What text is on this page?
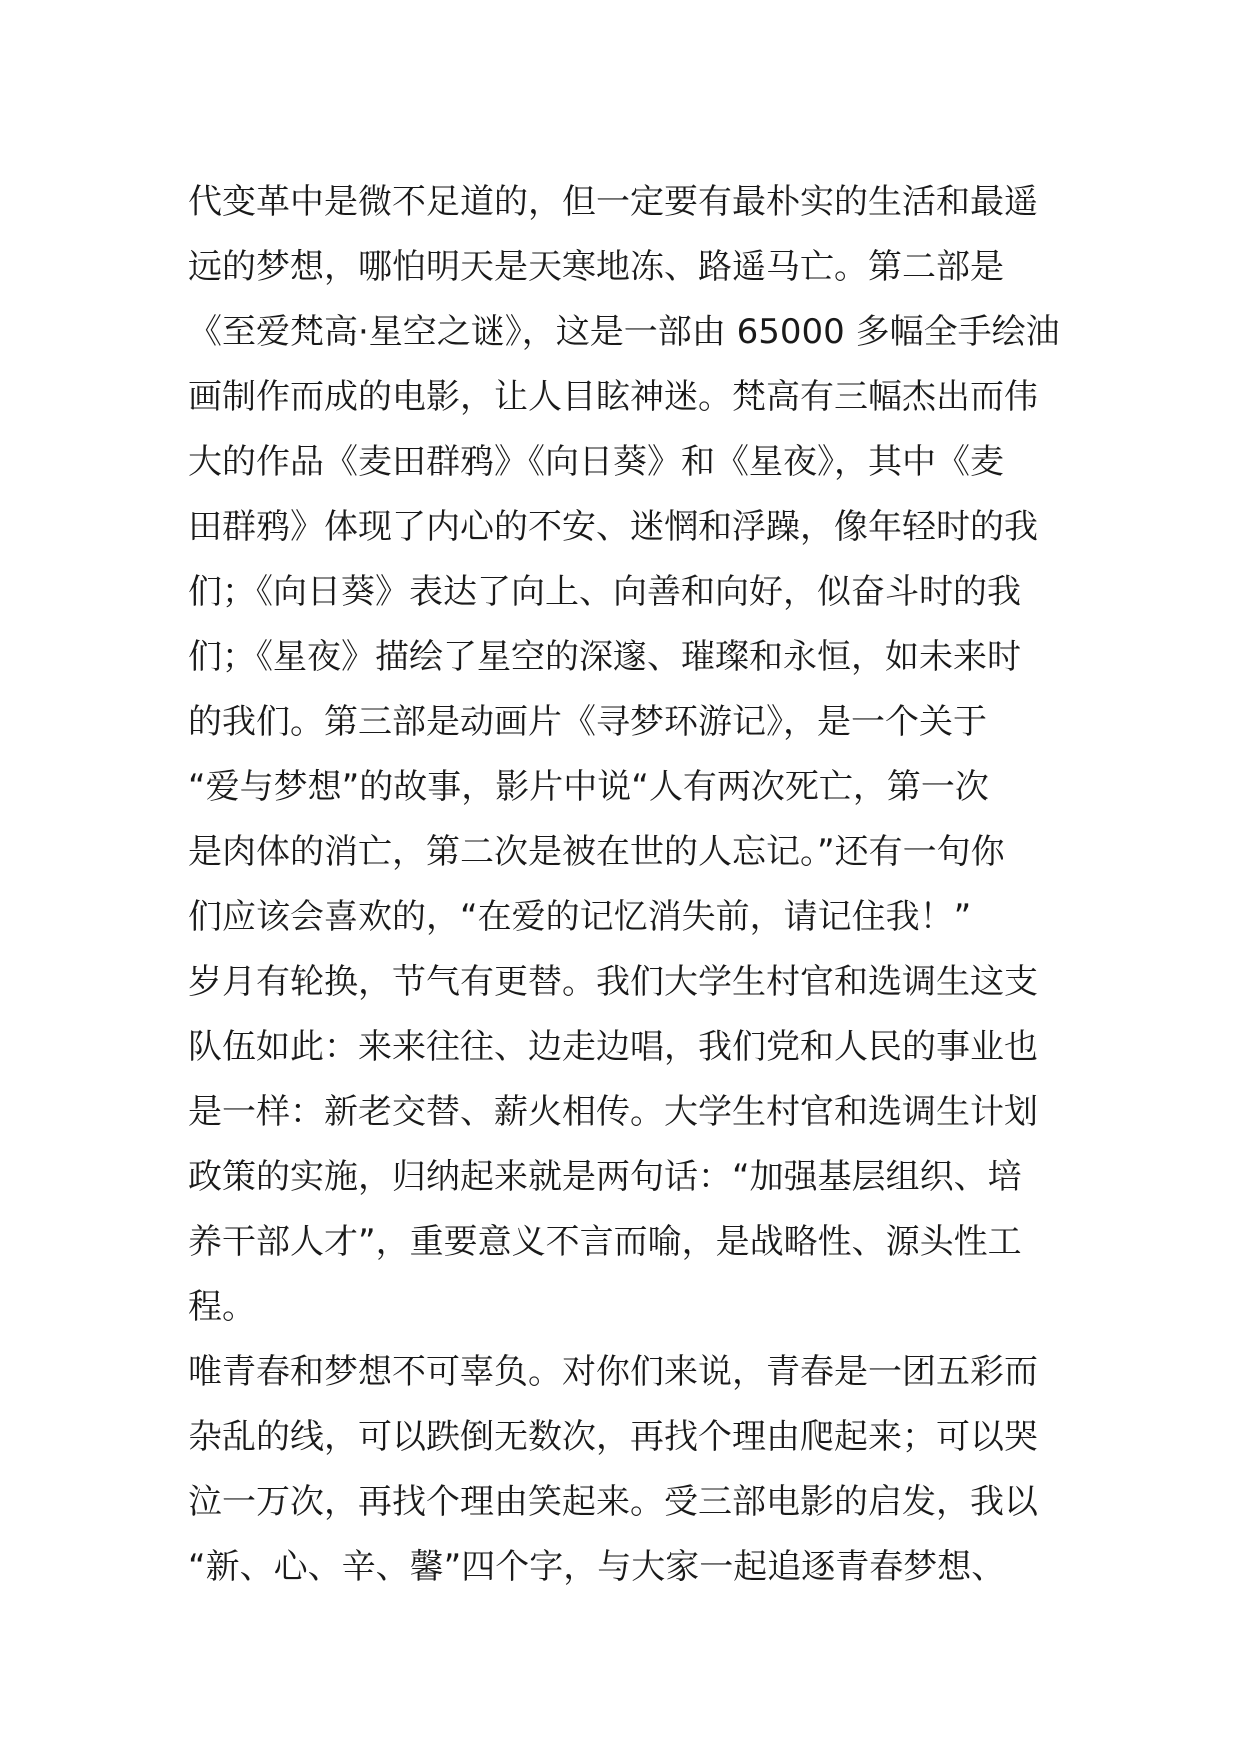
代变革中是微不足道的，但一定要有最朴实的生活和最遥
远的梦想，哪怕明天是天寒地冻、路遥马亡。第二部是
《至爱梵高·星空之谜》，这是一部由 65000 多幅全手绘油
画制作而成的电影，让人目眩神迷。梵高有三幅杰出而伟
大的作品《麦田群鸦》《向日葵》和《星夜》，其中《麦
田群鸦》体现了内心的不安、迷惘和浮躁，像年轻时的我
们；《向日葵》表达了向上、向善和向好，似奋斗时的我
们；《星夜》描绘了星空的深邃、璀璨和永恒，如未来时
的我们。第三部是动画片《寻梦环游记》，是一个关于
“爱与梦想”的故事，影片中说“人有两次死亡，第一次
是肉体的消亡，第二次是被在世的人忘记。”还有一句你
们应该会喜欢的，“在爱的记忆消失前，请记住我！”
岁月有轮换，节气有更替。我们大学生村官和选调生这支
队伍如此：来来往往、边走边唱，我们党和人民的事业也
是一样：新老交替、薪火相传。大学生村官和选调生计划
政策的实施，归纳起来就是两句话：“加强基层组织、培
养干部人才”，重要意义不言而喻，是战略性、源头性工
程。
唯青春和梦想不可辜负。对你们来说，青春是一团五彩而
杂乱的线，可以跌倒无数次，再找个理由爬起来；可以哭
泣一万次，再找个理由笑起来。受三部电影的启发，我以
“新、心、辛、馨”四个字，与大家一起追逐青春梦想、
